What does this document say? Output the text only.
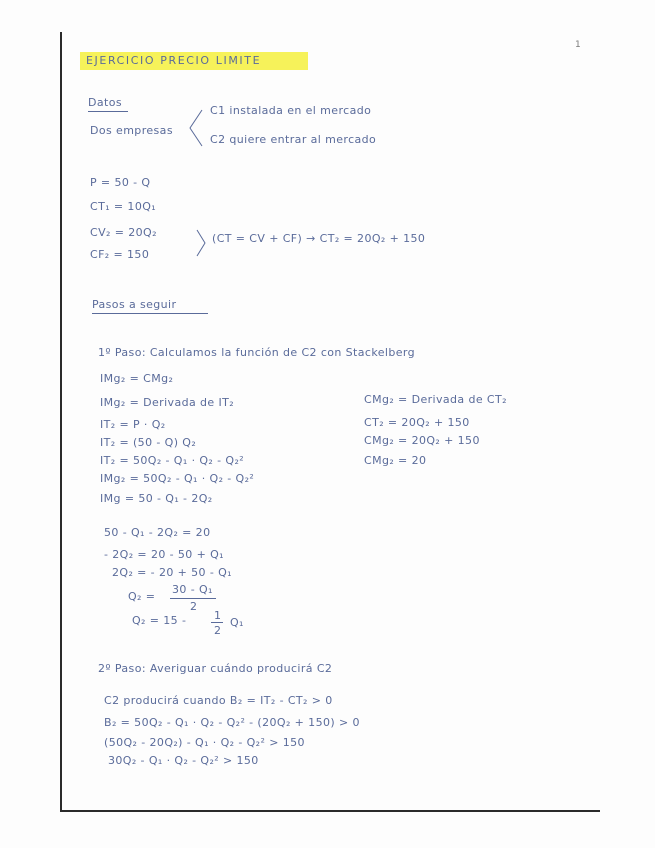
1
EJERCICIO PRECIO LIMITE
Datos
Dos empresas
C1 instalada en el mercado
C2 quiere entrar al mercado
P = 50 - Q
CT₁ = 10Q₁
CV₂ = 20Q₂
CF₂ = 150
(CT = CV + CF) → CT₂ = 20Q₂ + 150
Pasos a seguir
1º Paso: Calculamos la función de C2 con Stackelberg
IMg₂ = CMg₂
IMg₂ = Derivada de IT₂
IT₂ = P · Q₂
IT₂ = (50 - Q) Q₂
IT₂ = 50Q₂ - Q₁ · Q₂ - Q₂²
IMg₂ = 50Q₂ - Q₁ · Q₂ - Q₂²
IMg = 50 - Q₁ - 2Q₂
CMg₂ = Derivada de CT₂
CT₂ = 20Q₂ + 150
CMg₂ = 20Q₂ + 150
CMg₂ = 20
50 - Q₁ - 2Q₂ = 20
- 2Q₂ = 20 - 50 + Q₁
2Q₂ = - 20 + 50 - Q₁
Q₂ =
30 - Q₁
2
Q₂ = 15 -	1
2
Q₁
2º Paso: Averiguar cuándo producirá C2
C2 producirá cuando B₂ = IT₂ - CT₂ > 0
B₂ = 50Q₂ - Q₁ · Q₂ - Q₂² - (20Q₂ + 150) > 0
(50Q₂ - 20Q₂) - Q₁ · Q₂ - Q₂² > 150
30Q₂ - Q₁ · Q₂ - Q₂² > 150
